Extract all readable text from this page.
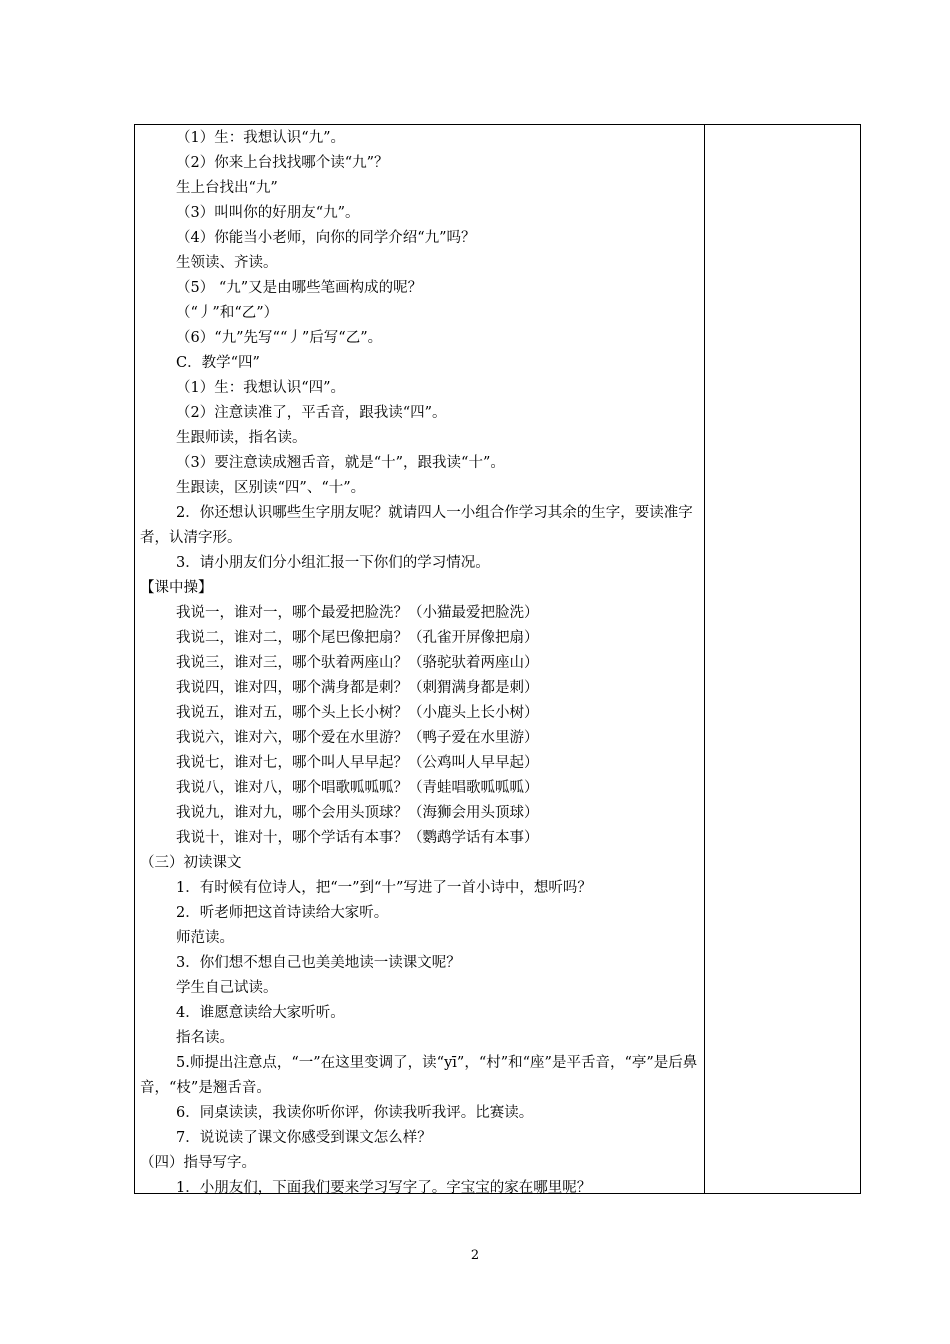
（1）生：我想认识“九”。
（2）你来上台找找哪个读“九”？
生上台找出“九”
（3）叫叫你的好朋友“九”。
（4）你能当小老师，向你的同学介绍“九”吗？
生领读、齐读。
（5） “九”又是由哪些笔画构成的呢？
（“丿”和“乙”）
（6）“九”先写““丿”后写“乙”。
C．教学“四”
（1）生：我想认识“四”。
（2）注意读准了，平舌音，跟我读“四”。
生跟师读，指名读。
（3）要注意读成翘舌音，就是“十”，跟我读“十”。
生跟读，区别读“四”、“十”。
2．你还想认识哪些生字朋友呢？就请四人一小组合作学习其余的生字，要读准字者，认清字形。
3．请小朋友们分小组汇报一下你们的学习情况。
【课中操】
我说一，谁对一，哪个最爱把脸洗？（小猫最爱把脸洗）
我说二，谁对二，哪个尾巴像把扇？（孔雀开屏像把扇）
我说三，谁对三，哪个驮着两座山？（骆驼驮着两座山）
我说四，谁对四，哪个满身都是刺？（刺猬满身都是刺）
我说五，谁对五，哪个头上长小树？（小鹿头上长小树）
我说六，谁对六，哪个爱在水里游？（鸭子爱在水里游）
我说七，谁对七，哪个叫人早早起？（公鸡叫人早早起）
我说八，谁对八，哪个唱歌呱呱呱？（青蛙唱歌呱呱呱）
我说九，谁对九，哪个会用头顶球？（海狮会用头顶球）
我说十，谁对十，哪个学话有本事？（鹦鹉学话有本事）
（三）初读课文
1．有时候有位诗人，把“一”到“十”写进了一首小诗中，想听吗？
2．听老师把这首诗读给大家听。
师范读。
3．你们想不想自己也美美地读一读课文呢？
学生自己试读。
4．谁愿意读给大家听听。
指名读。
5.师提出注意点，“一”在这里变调了，读“yī”，“村”和“座”是平舌音，“亭”是后鼻音，“枝”是翘舌音。
6．同桌读读，我读你听你评，你读我听我评。比赛读。
7．说说读了课文你感受到课文怎么样？
（四）指导写字。
1．小朋友们，下面我们要来学习写字了。字宝宝的家在哪里呢？
2
